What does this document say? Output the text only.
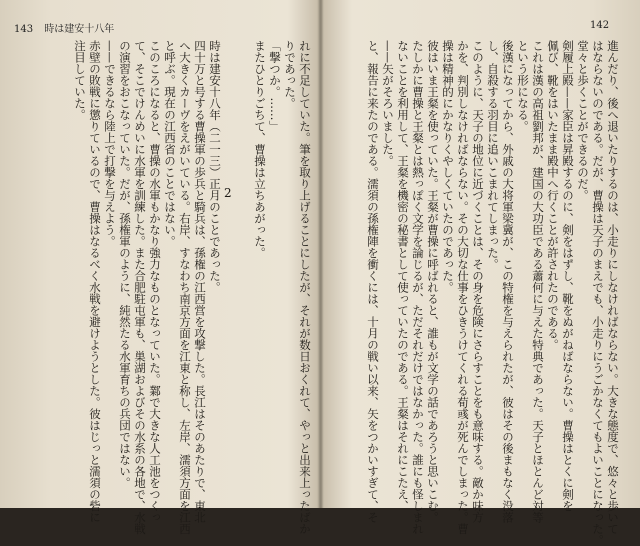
143 時は建安十八年	142
れに不足していた。筆を取り上げることにしたが、それが数日おくれて、やっと出来上ったばか
りであった。
「撃つか。……」
またひとりごちて、曹操は立ちあがった。
時は建安十八年（二一三）正月のことであった。
四十万と号する曹操軍の歩兵と騎兵は、孫権の江西営を攻撃した。長江はそのあたりで、東北
へ大きくカーヴをえがいている。右岸、すなわち南京方面を江東と称し、左岸、濡須方面を江西
と呼ぶ。現在の江西省のことではない。
このころになると、曹操の水軍もかなり強力なものとなっていた。鄴で大きな人工池をつくっ
て、そこでけんめいに水軍を訓練した。また合肥駐屯軍も、巣湖およびその水系の各地で、水戦
の演習をおこなっていた。だが、孫権軍のように、純然たる水軍育ちの兵団ではない。
——できるなら陸上で打撃を与えよう。
赤壁の敗戦に懲りているので、曹操はなるべく水戦を避けようとした。彼はじっと濡須の砦に
注目していた。
2	進んだり、後へ退いたりするのは、小走りにしなければならない。大きな態度で、悠々と歩いて
はならないのである。だが、曹操は天子のまえでも、小走りにうごかなくてもよいことになった。
堂々と歩くことができるのだ。
剣履上殿——家臣は昇殿するのに、剣をはずし、靴をぬがねばならない。曹操はとくに剣を
佩び、靴をはいたまま殿中へ行くことが許されたのである。
これは漢の高祖劉邦が、建国の大功臣である蕭何に与えた特典であった。天子とほとんど対等
という形になる。
後漢になってから、外戚の大将軍梁冀が、この特権を与えられたが、彼はその後まもなく没落
し、自殺する羽目に追いこまれてしまった。
このように、天子の地位に近づくことは、その身を危険にさらすことをも意味する。敵か味方
かを、判別しなければならない。その大切な仕事をひきうけてくれる荀彧が死んでしまった。曹
操は精神的にかなりくやしくていたのであった。
彼はいま王粲を使っていた。王粲が曹操に呼ばれると、誰もが文学の話であろうと思いこむ。
たしかに曹操と王粲とは熱っぽく文学を論じるが、ただそれだけではなかった。誰にも怪しまれ
ないことを利用して、王粲を機密の秘書として使っていたのである。王粲はそれにこたえ、
——矢がそろいました。
と、報告に来たのである。濡須の孫権陣を衝くには、十月の戦い以来、矢をつかいすぎて、そ
